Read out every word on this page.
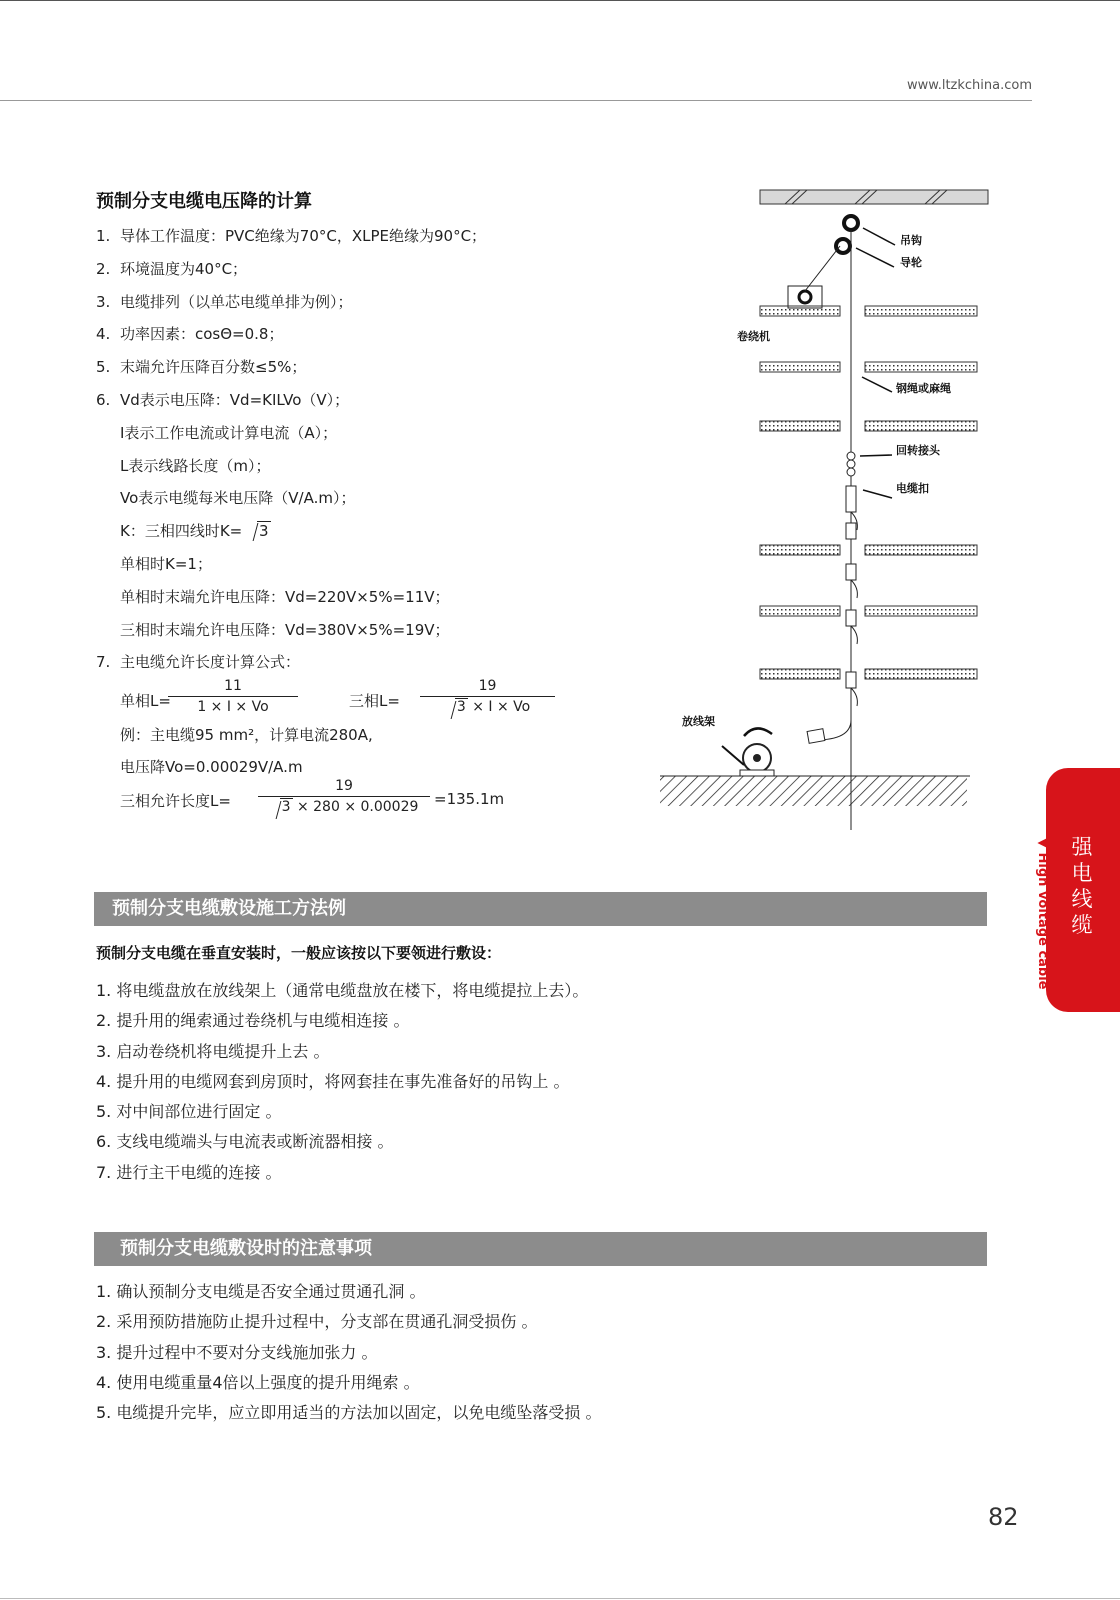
www.ltzkchina.com
预制分支电缆电压降的计算
1. 导体工作温度：PVC绝缘为70°C，XLPE绝缘为90°C；
2. 环境温度为40°C；
3. 电缆排列（以单芯电缆单排为例）；
4. 功率因素：cosΘ=0.8；
5. 末端允许压降百分数≤5%；
6. Vd表示电压降：Vd=KILVo（V）；
I表示工作电流或计算电流（A）；
L表示线路长度（m）；
Vo表示电缆每米电压降（V/A.m）；
K：三相四线时K= 3
单相时K=1；
单相时末端允许电压降：Vd=220V×5%=11V；
三相时末端允许电压降：Vd=380V×5%=19V；
7. 主电缆允许长度计算公式：
单相L=
11
1 × I × Vo	三相L=
19
3 × I × Vo
例：主电缆95 mm²，计算电流280A,
电压降Vo=0.00029V/A.m
三相允许长度L=
19
3 × 280 × 0.00029	=135.1m
吊钩
导轮
卷绕机
钢绳或麻绳
回转接头
电缆扣
放线架
预制分支电缆敷设施工方法例
预制分支电缆在垂直安装时，一般应该按以下要领进行敷设：
1. 将电缆盘放在放线架上（通常电缆盘放在楼下，将电缆提拉上去）。
2. 提升用的绳索通过卷绕机与电缆相连接 。
3. 启动卷绕机将电缆提升上去 。
4. 提升用的电缆网套到房顶时，将网套挂在事先准备好的吊钩上 。
5. 对中间部位进行固定 。
6. 支线电缆端头与电流表或断流器相接 。
7. 进行主干电缆的连接 。
预制分支电缆敷设时的注意事项
1. 确认预制分支电缆是否安全通过贯通孔洞 。
2. 采用预防措施防止提升过程中，分支部在贯通孔洞受损伤 。
3. 提升过程中不要对分支线施加张力 。
4. 使用电缆重量4倍以上强度的提升用绳索 。
5. 电缆提升完毕，应立即用适当的方法加以固定，以免电缆坠落受损 。
强电线缆
▼ High voltage cable
82
